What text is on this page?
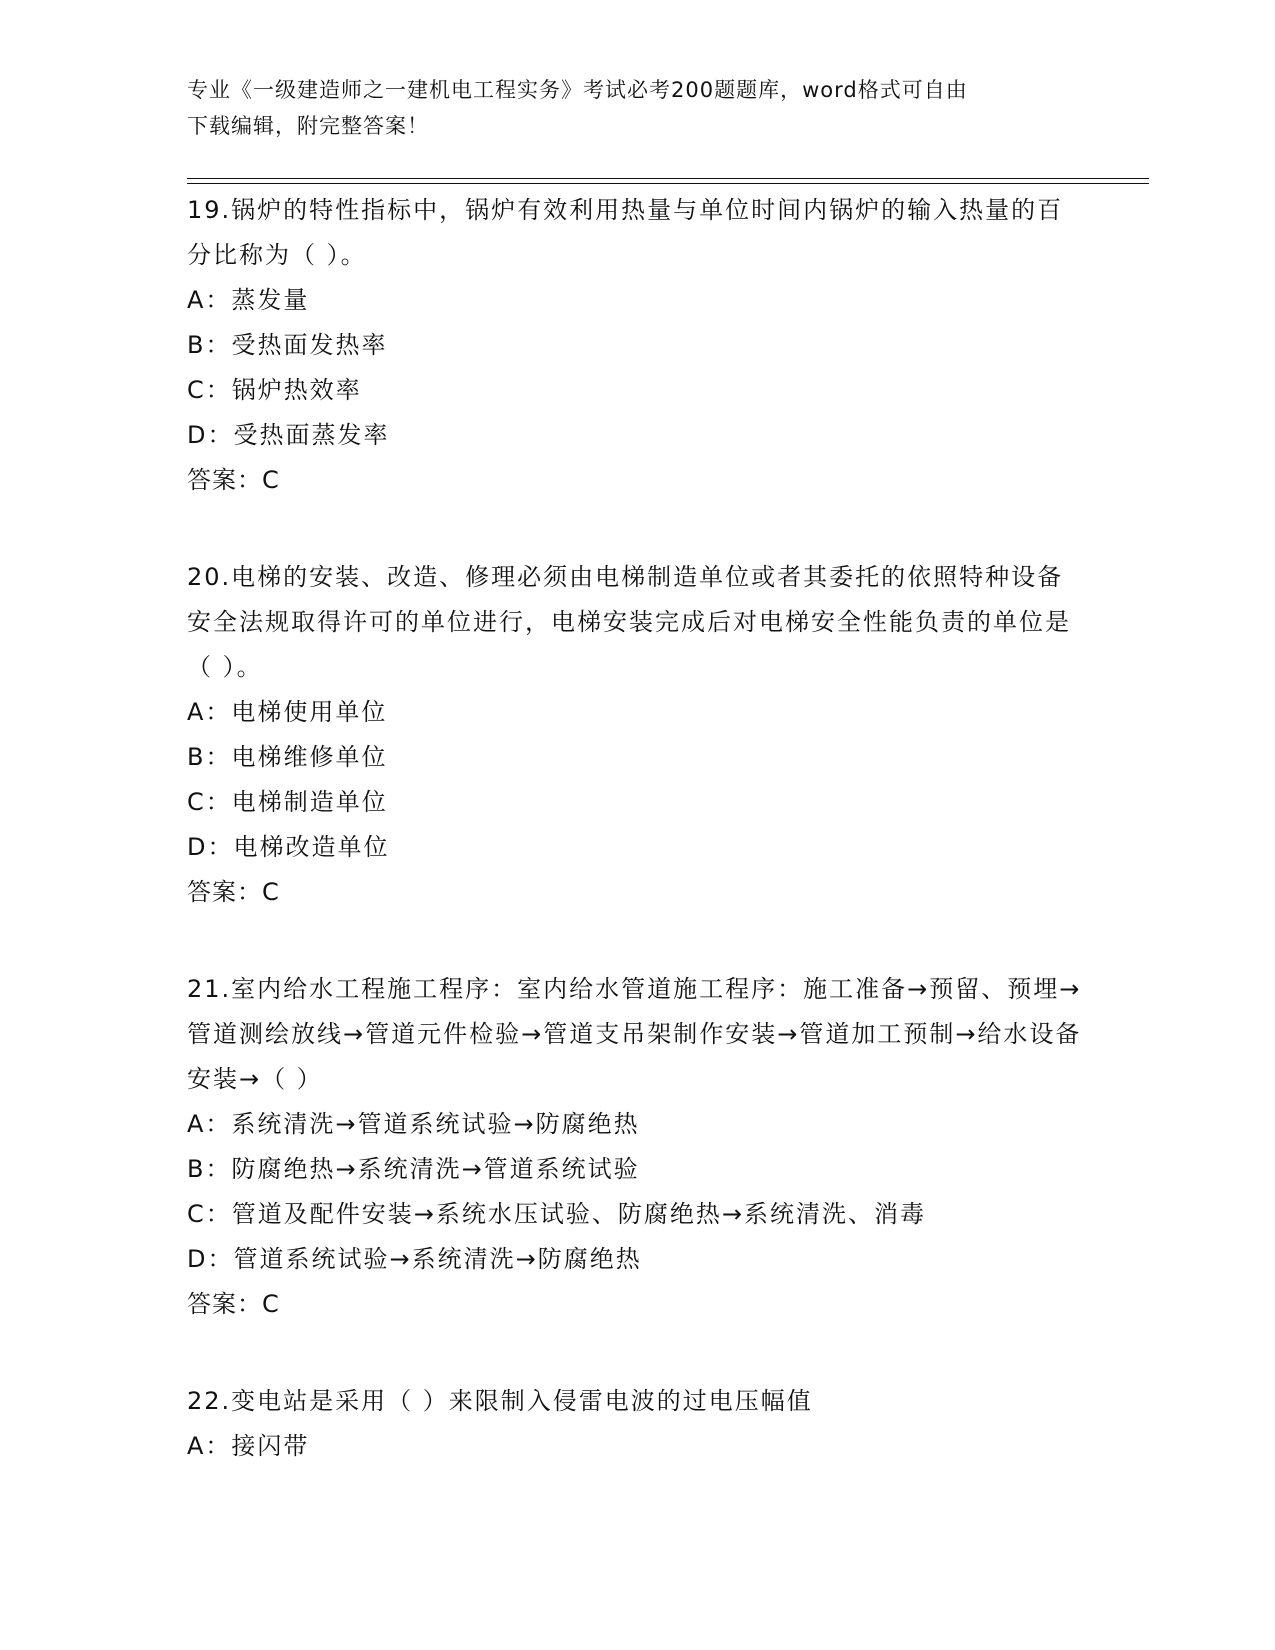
专业《一级建造师之一建机电工程实务》考试必考200题题库，word格式可自由
下载编辑，附完整答案！
19.锅炉的特性指标中，锅炉有效利用热量与单位时间内锅炉的输入热量的百分比称为（ ）。
A：蒸发量
B：受热面发热率
C：锅炉热效率
D：受热面蒸发率
答案：C
20.电梯的安装、改造、修理必须由电梯制造单位或者其委托的依照特种设备安全法规取得许可的单位进行，电梯安装完成后对电梯安全性能负责的单位是（ ）。
A：电梯使用单位
B：电梯维修单位
C：电梯制造单位
D：电梯改造单位
答案：C
21.室内给水工程施工程序：室内给水管道施工程序：施工准备→预留、预埋→管道测绘放线→管道元件检验→管道支吊架制作安装→管道加工预制→给水设备安装→（ ）
A：系统清洗→管道系统试验→防腐绝热
B：防腐绝热→系统清洗→管道系统试验
C：管道及配件安装→系统水压试验、防腐绝热→系统清洗、消毒
D：管道系统试验→系统清洗→防腐绝热
答案：C
22.变电站是采用（ ）来限制入侵雷电波的过电压幅值
A：接闪带
